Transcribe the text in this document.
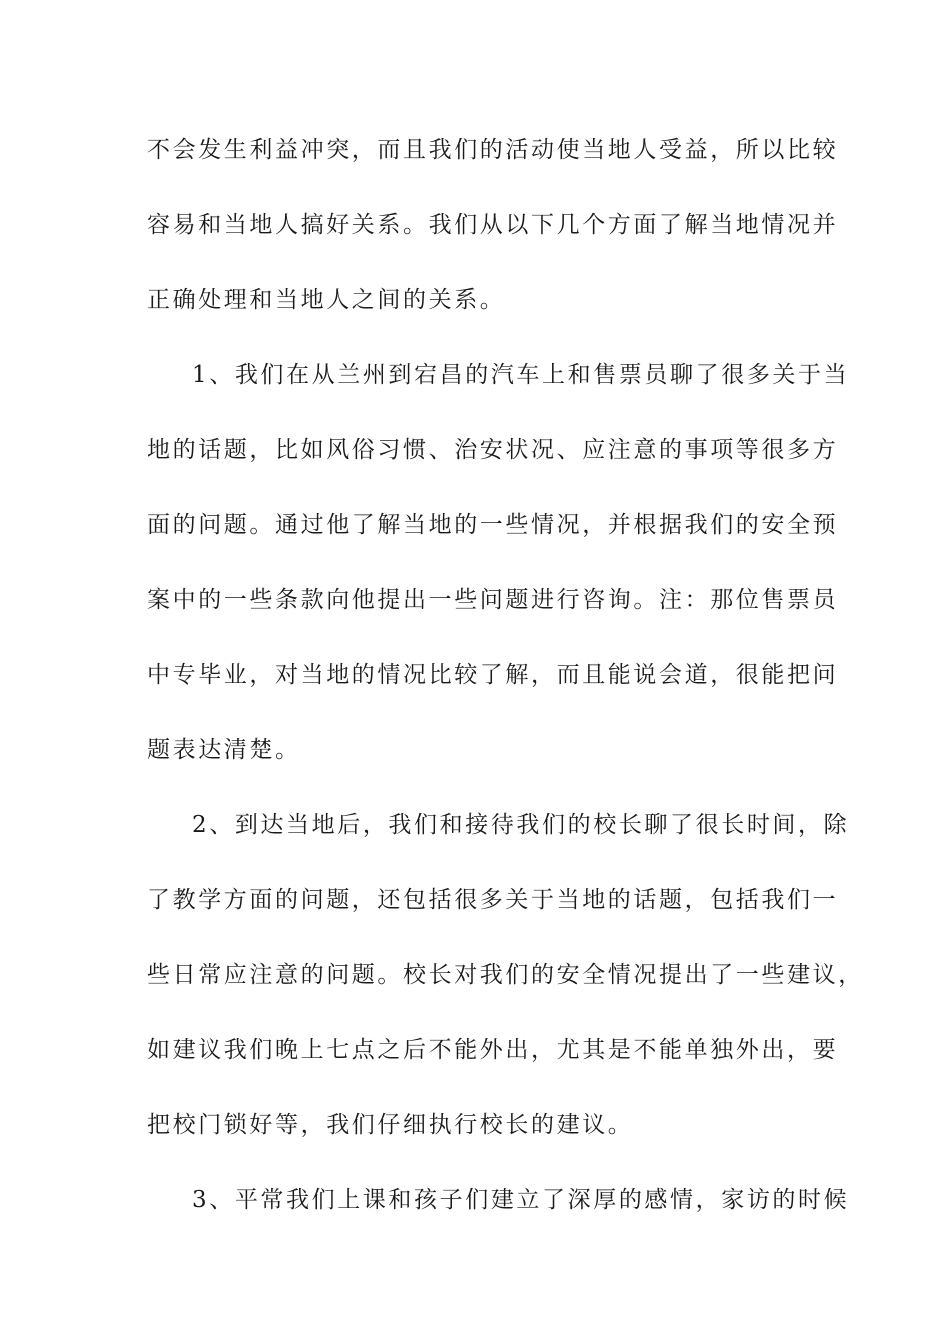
不会发生利益冲突，而且我们的活动使当地人受益，所以比较
容易和当地人搞好关系。我们从以下几个方面了解当地情况并
正确处理和当地人之间的关系。
1、我们在从兰州到宕昌的汽车上和售票员聊了很多关于当
地的话题，比如风俗习惯、治安状况、应注意的事项等很多方
面的问题。通过他了解当地的一些情况，并根据我们的安全预
案中的一些条款向他提出一些问题进行咨询。注：那位售票员
中专毕业，对当地的情况比较了解，而且能说会道，很能把问
题表达清楚。
2、到达当地后，我们和接待我们的校长聊了很长时间，除
了教学方面的问题，还包括很多关于当地的话题，包括我们一
些日常应注意的问题。校长对我们的安全情况提出了一些建议，
如建议我们晚上七点之后不能外出，尤其是不能单独外出，要
把校门锁好等，我们仔细执行校长的建议。
3、平常我们上课和孩子们建立了深厚的感情，家访的时候
